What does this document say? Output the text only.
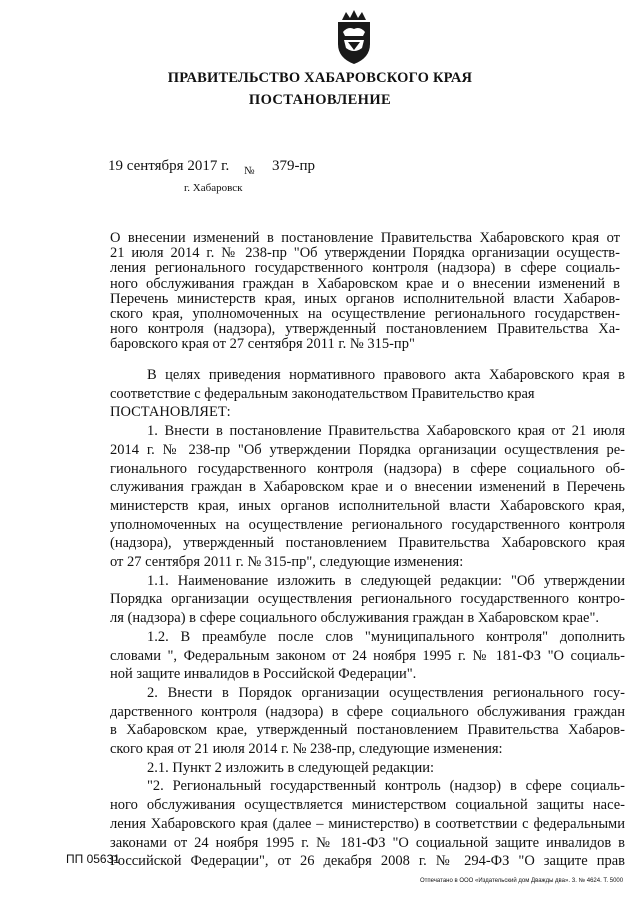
ПРАВИТЕЛЬСТВО ХАБАРОВСКОГО КРАЯ
ПОСТАНОВЛЕНИЕ
19 сентября 2017 г. № 379-пр
г. Хабаровск
О внесении изменений в постановление Правительства Хабаровского края от
21 июля 2014 г. № 238-пр "Об утверждении Порядка организации осуществ-
ления регионального государственного контроля (надзора) в сфере социаль-
ного обслуживания граждан в Хабаровском крае и о внесении изменений в
Перечень министерств края, иных органов исполнительной власти Хабаров-
ского края, уполномоченных на осуществление регионального государствен-
ного контроля (надзора), утвержденный постановлением Правительства Ха-
баровского края от 27 сентября 2011 г. № 315-пр"
В целях приведения нормативного правового акта Хабаровского края в
соответствие с федеральным законодательством Правительство края
ПОСТАНОВЛЯЕТ:
1. Внести в постановление Правительства Хабаровского края от 21 июля
2014 г. № 238-пр "Об утверждении Порядка организации осуществления ре-
гионального государственного контроля (надзора) в сфере социального об-
служивания граждан в Хабаровском крае и о внесении изменений в Перечень
министерств края, иных органов исполнительной власти Хабаровского края,
уполномоченных на осуществление регионального государственного контроля
(надзора), утвержденный постановлением Правительства Хабаровского края
от 27 сентября 2011 г. № 315-пр", следующие изменения:
1.1. Наименование изложить в следующей редакции: "Об утверждении
Порядка организации осуществления регионального государственного контро-
ля (надзора) в сфере социального обслуживания граждан в Хабаровском крае".
1.2. В преамбуле после слов "муниципального контроля" дополнить
словами ", Федеральным законом от 24 ноября 1995 г. № 181-ФЗ "О социаль-
ной защите инвалидов в Российской Федерации".
2. Внести в Порядок организации осуществления регионального госу-
дарственного контроля (надзора) в сфере социального обслуживания граждан
в Хабаровском крае, утвержденный постановлением Правительства Хабаров-
ского края от 21 июля 2014 г. № 238-пр, следующие изменения:
2.1. Пункт 2 изложить в следующей редакции:
"2. Региональный государственный контроль (надзор) в сфере социаль-
ного обслуживания осуществляется министерством социальной защиты насе-
ления Хабаровского края (далее – министерство) в соответствии с федеральными
законами от 24 ноября 1995 г. № 181-ФЗ "О социальной защите инвалидов в
Российской Федерации", от 26 декабря 2008 г. № 294-ФЗ "О защите прав
ПП 05631
Отпечатано в ООО «Издательский дом Дважды два». З. № 4624. Т. 5000
